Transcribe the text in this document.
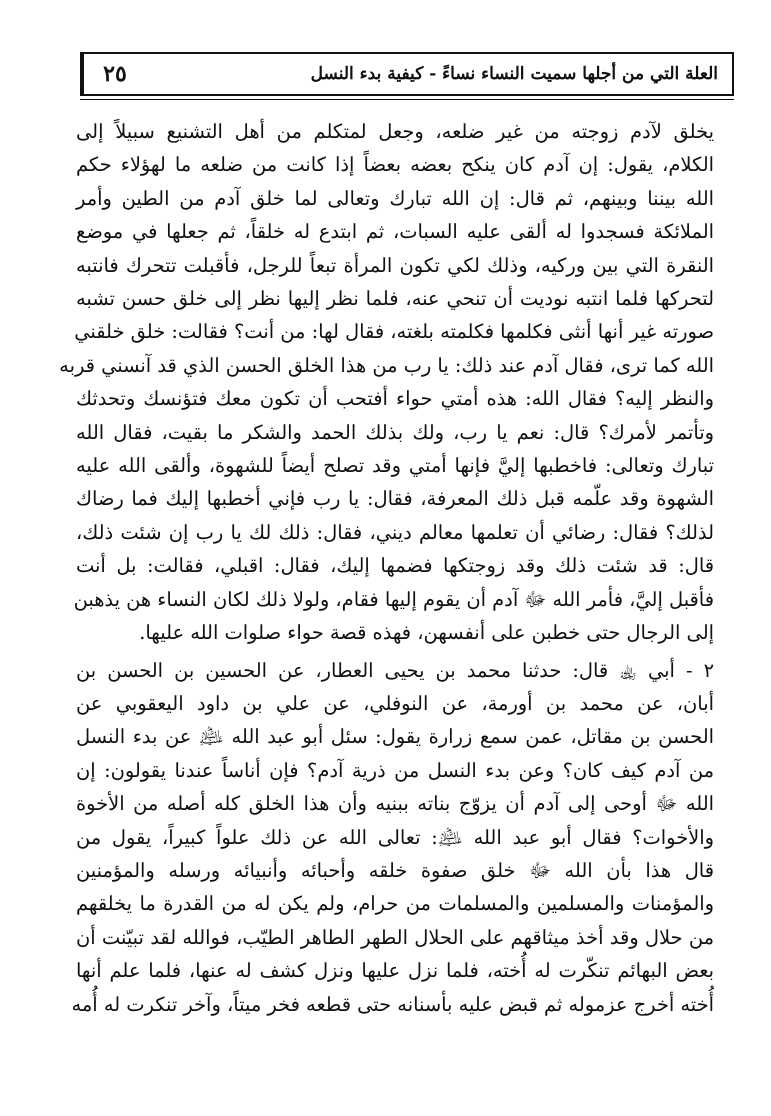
٢٥	العلة التي من أجلها سميت النساء نساءً - كيفية بدء النسل

يخلق لآدم زوجته من غير ضلعه، وجعل لمتكلم من أهل التشنيع سبيلاً إلى
الكلام، يقول: إن آدم كان ينكح بعضه بعضاً إذا كانت من ضلعه ما لهؤلاء حكم
الله بيننا وبينهم، ثم قال: إن الله تبارك وتعالى لما خلق آدم من الطين وأمر
الملائكة فسجدوا له ألقى عليه السبات، ثم ابتدع له خلقاً، ثم جعلها في موضع
النقرة التي بين وركيه، وذلك لكي تكون المرأة تبعاً للرجل، فأقبلت تتحرك فانتبه
لتحركها فلما انتبه نوديت أن تنحي عنه، فلما نظر إليها نظر إلى خلق حسن تشبه
صورته غير أنها أنثى فكلمها فكلمته بلغته، فقال لها: من أنت؟ فقالت: خلق خلقني
الله كما ترى، فقال آدم عند ذلك: يا رب من هذا الخلق الحسن الذي قد آنسني قربه
والنظر إليه؟ فقال الله: هذه أمتي حواء أفتحب أن تكون معك فتؤنسك وتحدثك
وتأتمر لأمرك؟ قال: نعم يا رب، ولك بذلك الحمد والشكر ما بقيت، فقال الله
تبارك وتعالى: فاخطبها إليَّ فإنها أمتي وقد تصلح أيضاً للشهوة، وألقى الله عليه
الشهوة وقد علّمه قبل ذلك المعرفة، فقال: يا رب فإني أخطبها إليك فما رضاك
لذلك؟ فقال: رضائي أن تعلمها معالم ديني، فقال: ذلك لك يا رب إن شئت ذلك،
قال: قد شئت ذلك وقد زوجتكها فضمها إليك، فقال: اقبلي، فقالت: بل أنت
فأقبل إليَّ، فأمر الله ﷻ آدم أن يقوم إليها فقام، ولولا ذلك لكان النساء هن يذهبن
إلى الرجال حتى خطبن على أنفسهن، فهذه قصة حواء صلوات الله عليها.

٢ - أبي ﵀ قال: حدثنا محمد بن يحيى العطار، عن الحسين بن الحسن بن
أبان، عن محمد بن أورمة، عن النوفلي، عن علي بن داود اليعقوبي عن
الحسن بن مقاتل، عمن سمع زرارة يقول: سئل أبو عبد الله ﵇ عن بدء النسل
من آدم كيف كان؟ وعن بدء النسل من ذرية آدم؟ فإن أناساً عندنا يقولون: إن
الله ﷻ أوحى إلى آدم أن يزوّج بناته ببنيه وأن هذا الخلق كله أصله من الأخوة
والأخوات؟ فقال أبو عبد الله ﵇: تعالى الله عن ذلك علواً كبيراً، يقول من
قال هذا بأن الله ﷻ خلق صفوة خلقه وأحبائه وأنبيائه ورسله والمؤمنين
والمؤمنات والمسلمين والمسلمات من حرام، ولم يكن له من القدرة ما يخلقهم
من حلال وقد أخذ ميثاقهم على الحلال الطهر الطاهر الطيّب، فوالله لقد تبيّنت أن
بعض البهائم تنكّرت له أُخته، فلما نزل عليها ونزل كشف له عنها، فلما علم أنها
أُخته أخرج عزموله ثم قبض عليه بأسنانه حتى قطعه فخر ميتاً، وآخر تنكرت له أُمه
